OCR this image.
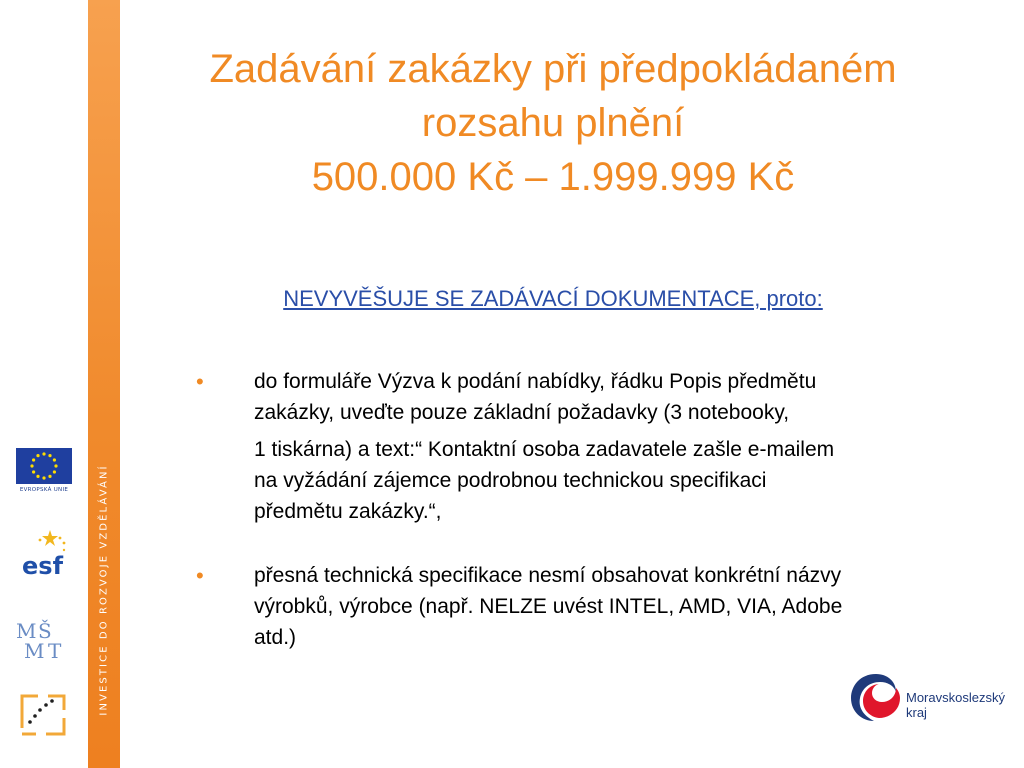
INVESTICE DO ROZVOJE VZDĚLÁVÁNÍ
EVROPSKÁ UNIE
esf
M Š
M T
Zadávání zakázky při předpokládaném
rozsahu plnění
500.000 Kč – 1.999.999 Kč
NEVYVĚŠUJE SE ZADÁVACÍ DOKUMENTACE, proto:
• do formuláře Výzva k podání nabídky, řádku Popis předmětu
zakázky, uveďte pouze základní požadavky (3 notebooky,
1 tiskárna) a text:“ Kontaktní osoba zadavatele zašle e-mailem
na vyžádání zájemce podrobnou technickou specifikaci
předmětu zakázky.“,
• přesná technická specifikace nesmí obsahovat konkrétní názvy
výrobků, výrobce (např. NELZE uvést INTEL, AMD, VIA, Adobe
atd.)
Moravskoslezský
kraj
